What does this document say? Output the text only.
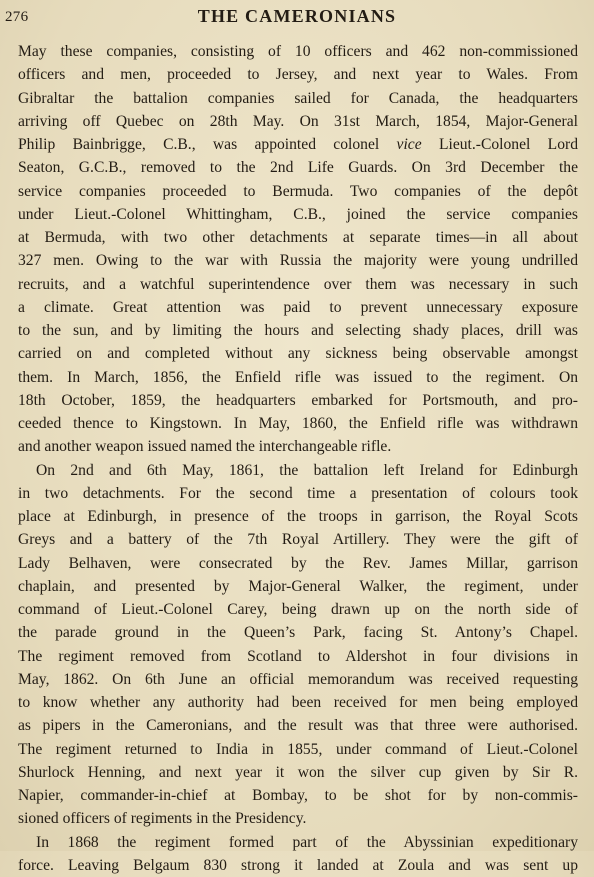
276	THE CAMERONIANS
May these companies, consisting of 10 officers and 462 non-commissioned
officers and men, proceeded to Jersey, and next year to Wales. From
Gibraltar the battalion companies sailed for Canada, the headquarters
arriving off Quebec on 28th May. On 31st March, 1854, Major-General
Philip Bainbrigge, C.B., was appointed colonel vice Lieut.-Colonel Lord
Seaton, G.C.B., removed to the 2nd Life Guards. On 3rd December the
service companies proceeded to Bermuda. Two companies of the depôt
under Lieut.-Colonel Whittingham, C.B., joined the service companies
at Bermuda, with two other detachments at separate times—in all about
327 men. Owing to the war with Russia the majority were young undrilled
recruits, and a watchful superintendence over them was necessary in such
a climate. Great attention was paid to prevent unnecessary exposure
to the sun, and by limiting the hours and selecting shady places, drill was
carried on and completed without any sickness being observable amongst
them. In March, 1856, the Enfield rifle was issued to the regiment. On
18th October, 1859, the headquarters embarked for Portsmouth, and pro-
ceeded thence to Kingstown. In May, 1860, the Enfield rifle was withdrawn
and another weapon issued named the interchangeable rifle.
On 2nd and 6th May, 1861, the battalion left Ireland for Edinburgh
in two detachments. For the second time a presentation of colours took
place at Edinburgh, in presence of the troops in garrison, the Royal Scots
Greys and a battery of the 7th Royal Artillery. They were the gift of
Lady Belhaven, were consecrated by the Rev. James Millar, garrison
chaplain, and presented by Major-General Walker, the regiment, under
command of Lieut.-Colonel Carey, being drawn up on the north side of
the parade ground in the Queen’s Park, facing St. Antony’s Chapel.
The regiment removed from Scotland to Aldershot in four divisions in
May, 1862. On 6th June an official memorandum was received requesting
to know whether any authority had been received for men being employed
as pipers in the Cameronians, and the result was that three were authorised.
The regiment returned to India in 1855, under command of Lieut.-Colonel
Shurlock Henning, and next year it won the silver cup given by Sir R.
Napier, commander-in-chief at Bombay, to be shot for by non-commis-
sioned officers of regiments in the Presidency.
In 1868 the regiment formed part of the Abyssinian expeditionary
force. Leaving Belgaum 830 strong it landed at Zoula and was sent up
